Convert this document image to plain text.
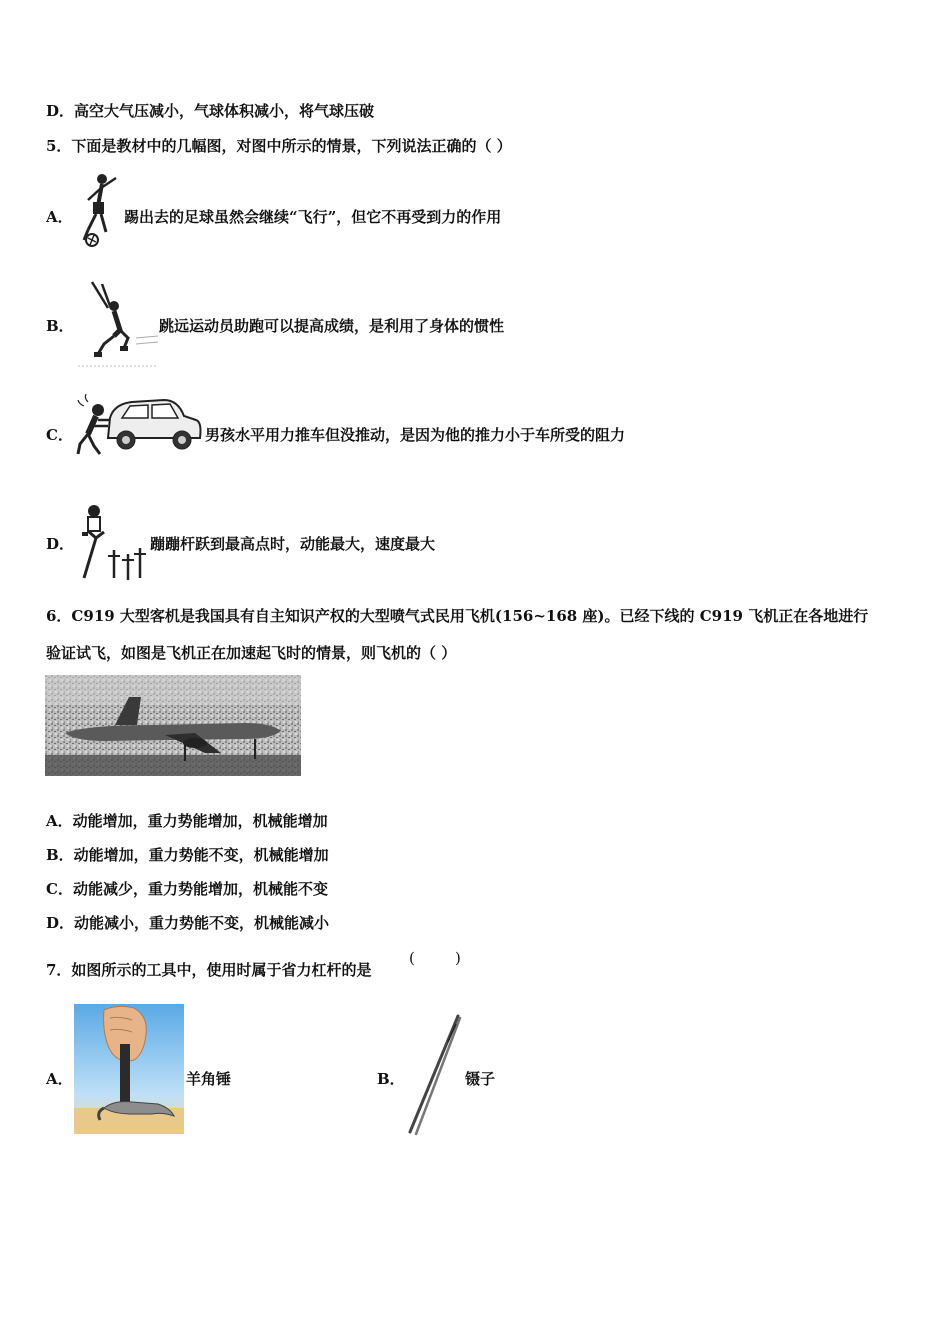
D．高空大气压减小，气球体积减小，将气球压破
5．下面是教材中的几幅图，对图中所示的情景，下列说法正确的（ ）
A．	踢出去的足球虽然会继续“飞行”，但它不再受到力的作用
B．	跳远运动员助跑可以提高成绩，是利用了身体的惯性
C．	男孩水平用力推车但没推动，是因为他的推力小于车所受的阻力
D．	蹦蹦杆跃到最高点时，动能最大，速度最大
6．C919 大型客机是我国具有自主知识产权的大型喷气式民用飞机(156~168 座)。已经下线的 C919 飞机正在各地进行
验证试飞，如图是飞机正在加速起飞时的情景，则飞机的（ ）
A．动能增加，重力势能增加，机械能增加
B．动能增加，重力势能不变，机械能增加
C．动能减少，重力势能增加，机械能不变
D．动能减小，重力势能不变，机械能减小
7．如图所示的工具中，使用时属于省力杠杆的是
(	)
A．	羊角锤	B．	镊子
